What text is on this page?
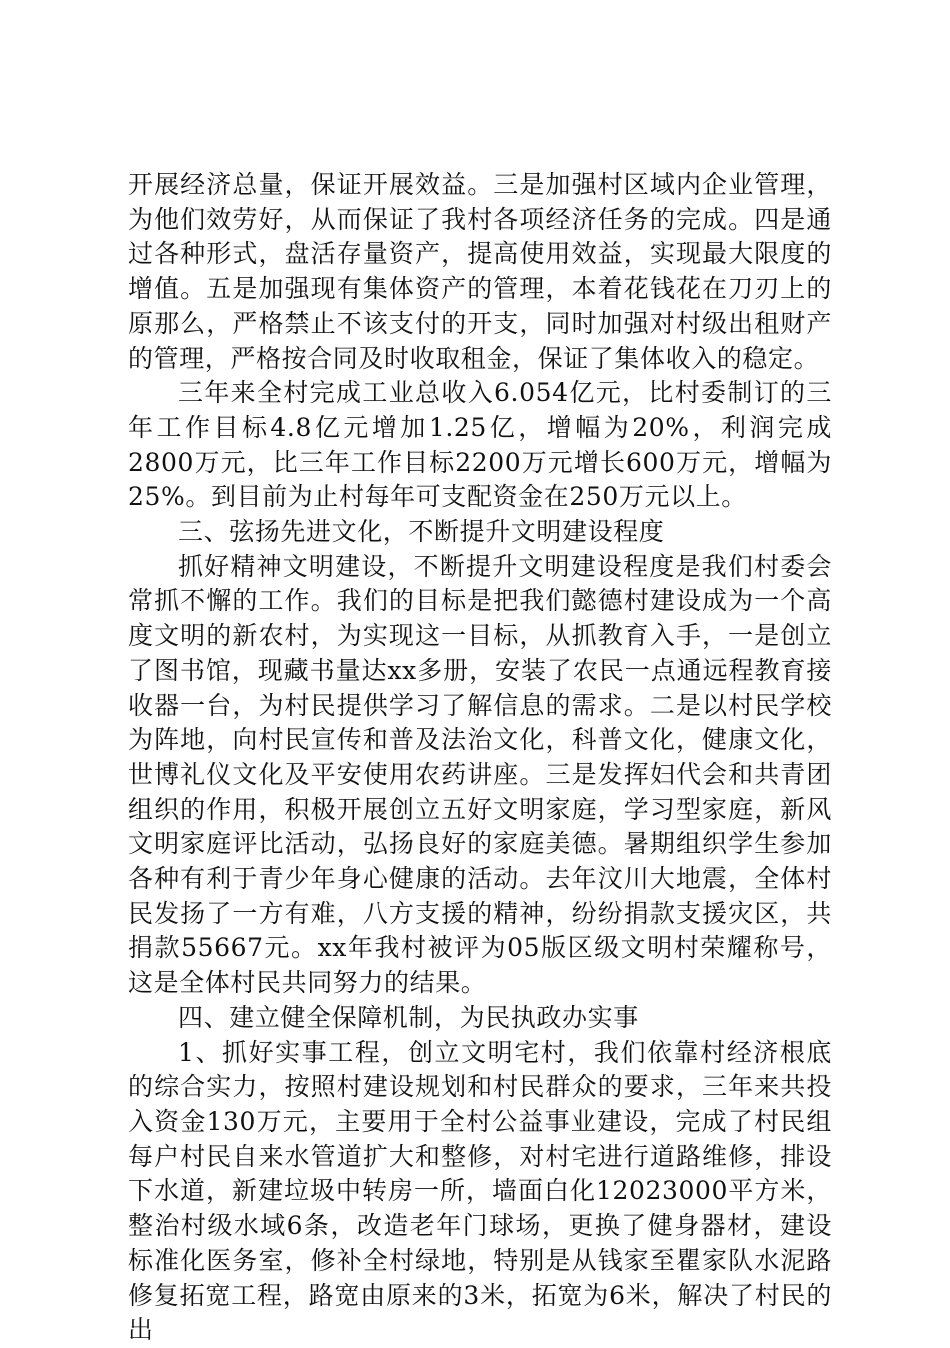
开展经济总量，保证开展效益。三是加强村区域内企业管理，为他们效劳好，从而保证了我村各项经济任务的完成。四是通过各种形式，盘活存量资产，提高使用效益，实现最大限度的增值。五是加强现有集体资产的管理，本着花钱花在刀刃上的原那么，严格禁止不该支付的开支，同时加强对村级出租财产的管理，严格按合同及时收取租金，保证了集体收入的稳定。

三年来全村完成工业总收入6.054亿元，比村委制订的三年工作目标4.8亿元增加1.25亿，增幅为20%，利润完成2800万元，比三年工作目标2200万元增长600万元，增幅为25%。到目前为止村每年可支配资金在250万元以上。

三、弦扬先进文化，不断提升文明建设程度

抓好精神文明建设，不断提升文明建设程度是我们村委会常抓不懈的工作。我们的目标是把我们懿德村建设成为一个高度文明的新农村，为实现这一目标，从抓教育入手，一是创立了图书馆，现藏书量达xx多册，安装了农民一点通远程教育接收器一台，为村民提供学习了解信息的需求。二是以村民学校为阵地，向村民宣传和普及法治文化，科普文化，健康文化，世博礼仪文化及平安使用农药讲座。三是发挥妇代会和共青团组织的作用，积极开展创立五好文明家庭，学习型家庭，新风文明家庭评比活动，弘扬良好的家庭美德。暑期组织学生参加各种有利于青少年身心健康的活动。去年汶川大地震，全体村民发扬了一方有难，八方支援的精神，纷纷捐款支援灾区，共捐款55667元。xx年我村被评为05版区级文明村荣耀称号，这是全体村民共同努力的结果。

四、建立健全保障机制，为民执政办实事

1、抓好实事工程，创立文明宅村，我们依靠村经济根底的综合实力，按照村建设规划和村民群众的要求，三年来共投入资金130万元，主要用于全村公益事业建设，完成了村民组每户村民自来水管道扩大和整修，对村宅进行道路维修，排设下水道，新建垃圾中转房一所，墙面白化12023000平方米，整治村级水域6条，改造老年门球场，更换了健身器材，建设标准化医务室，修补全村绿地，特别是从钱家至瞿家队水泥路修复拓宽工程，路宽由原来的3米，拓宽为6米，解决了村民的出
